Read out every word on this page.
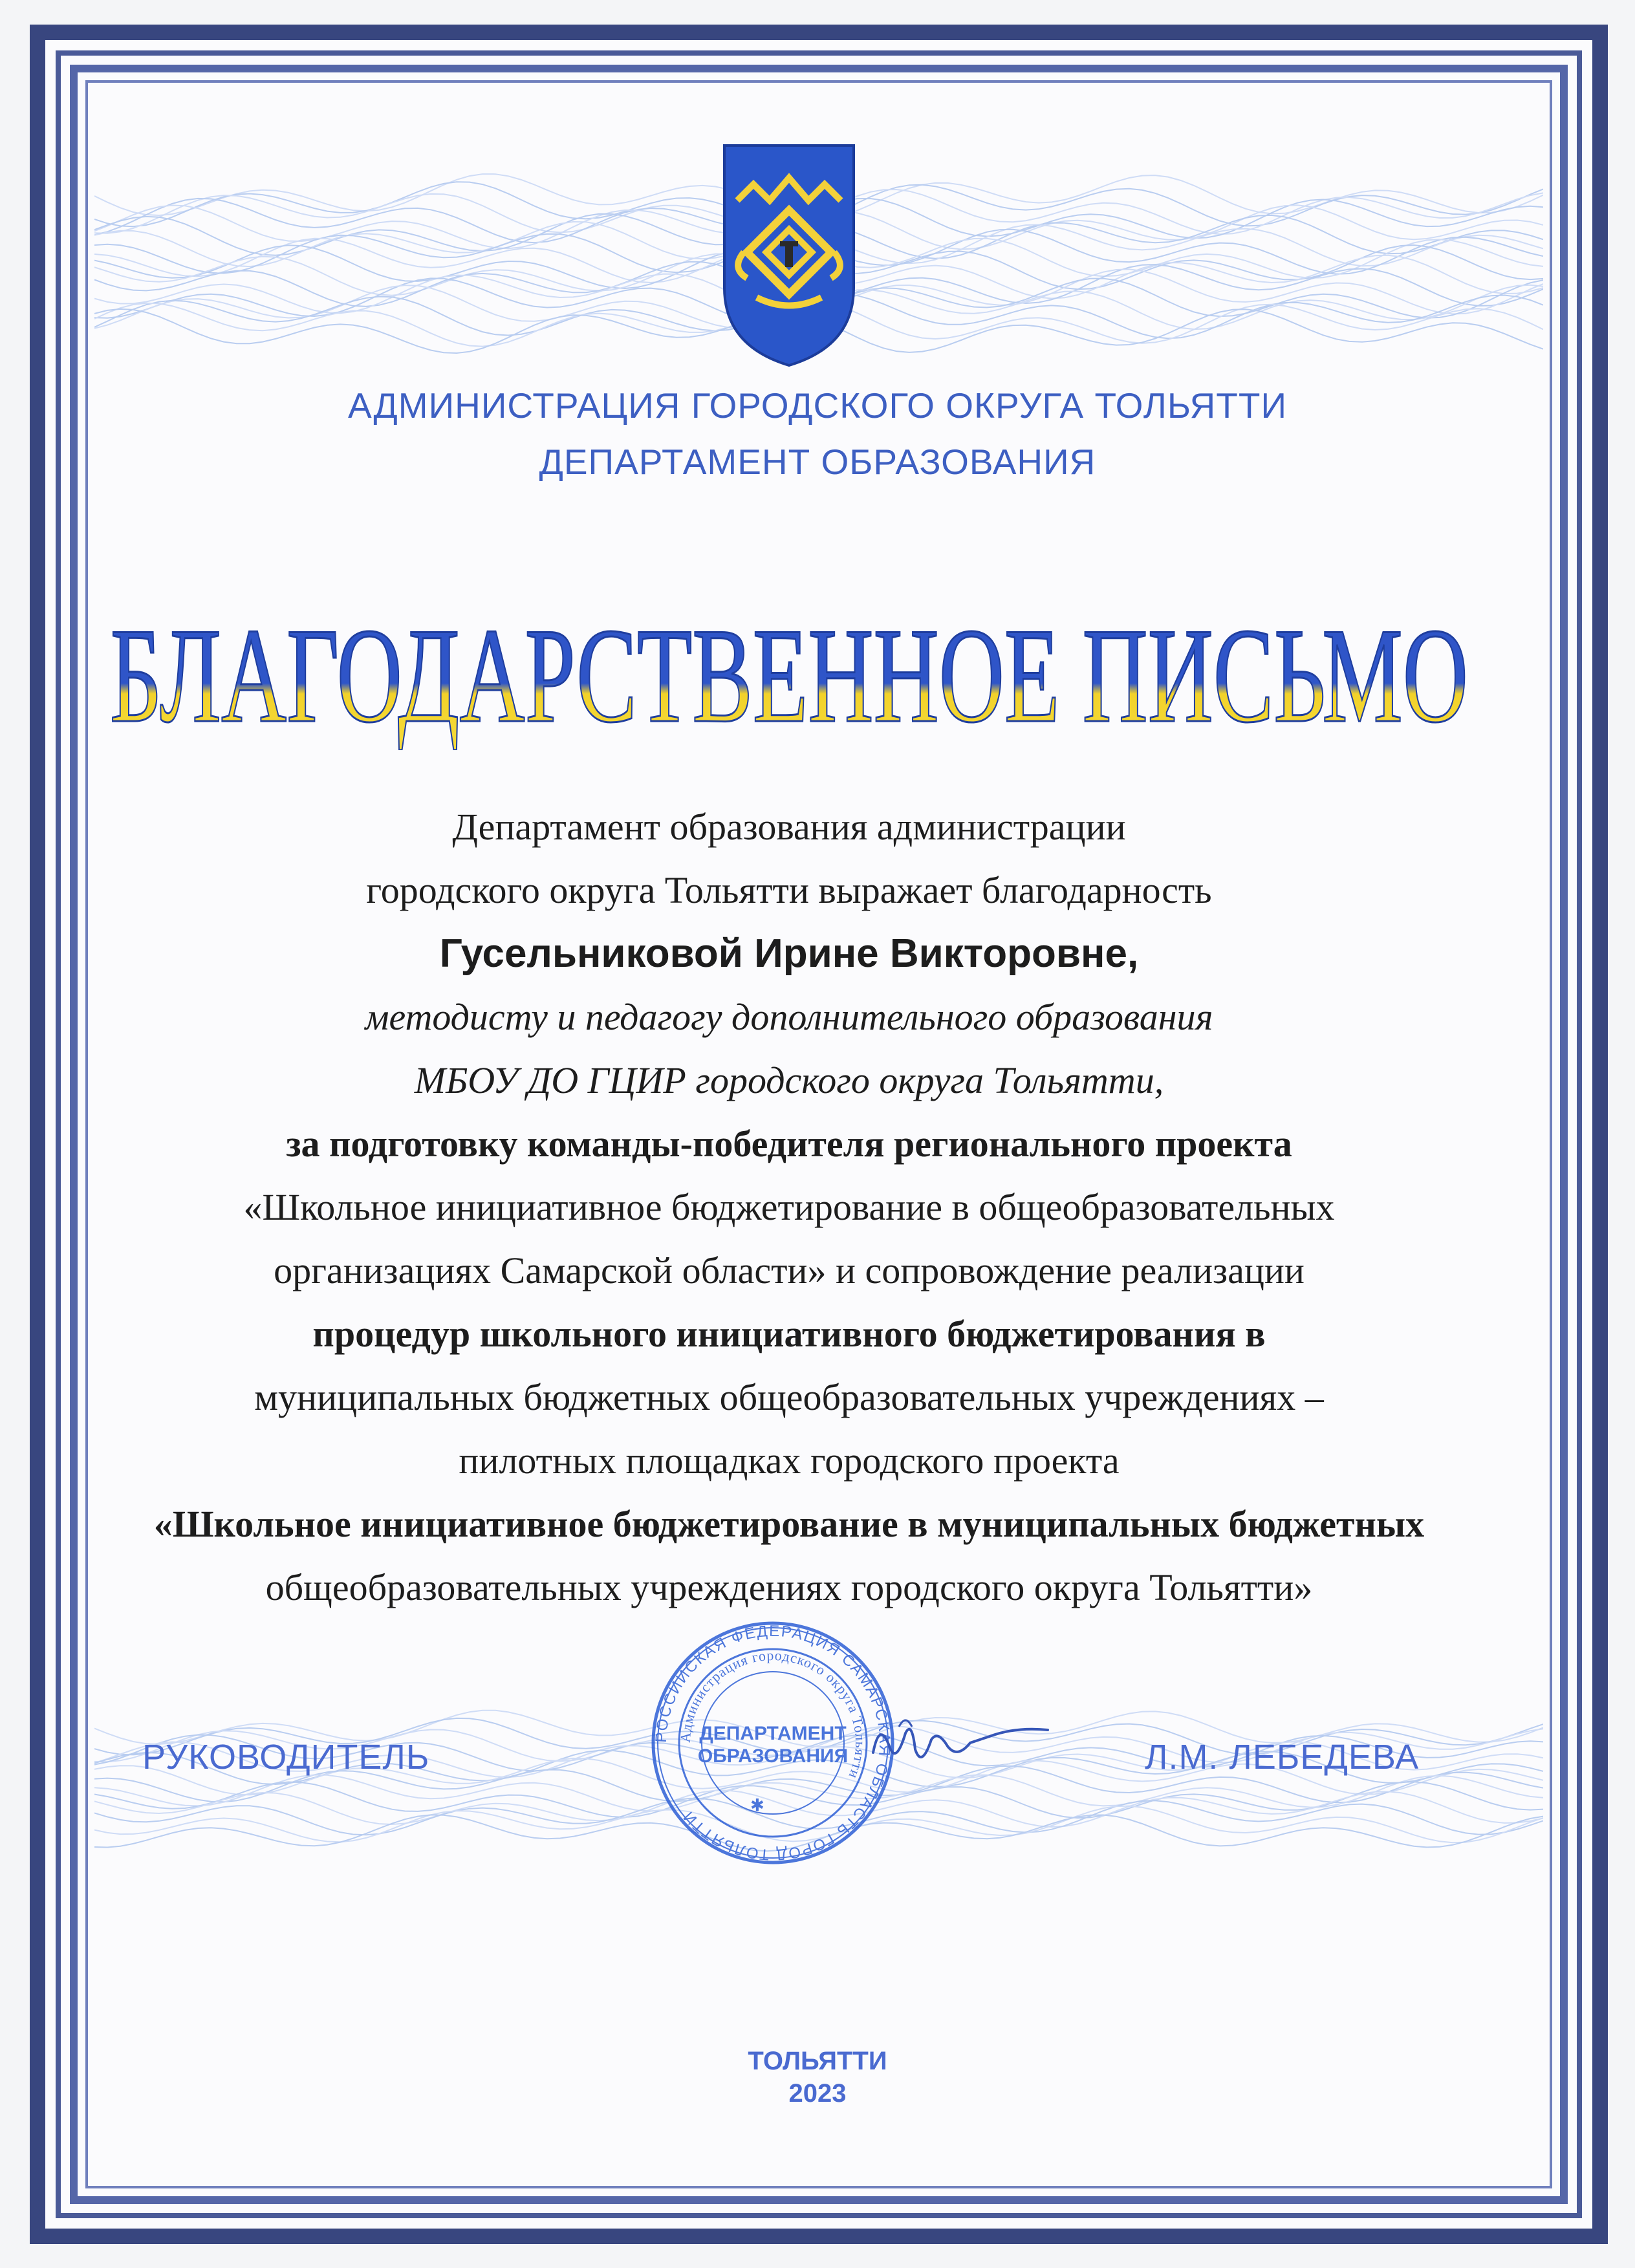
АДМИНИСТРАЦИЯ ГОРОДСКОГО ОКРУГА ТОЛЬЯТТИ
ДЕПАРТАМЕНТ ОБРАЗОВАНИЯ
БЛАГОДАРСТВЕННОЕ ПИСЬМО
Департамент образования администрации
городского округа Тольятти выражает благодарность
Гусельниковой Ирине Викторовне,
методисту и педагогу дополнительного образования
МБОУ ДО ГЦИР городского округа Тольятти,
за подготовку команды-победителя регионального проекта
«Школьное инициативное бюджетирование в общеобразовательных
организациях Самарской области» и сопровождение реализации
процедур школьного инициативного бюджетирования в
муниципальных бюджетных общеобразовательных учреждениях –
пилотных площадках городского проекта
«Школьное инициативное бюджетирование в муниципальных бюджетных
общеобразовательных учреждениях городского округа Тольятти»
РУКОВОДИТЕЛЬ	Л.М. ЛЕБЕДЕВА
РОССИЙСКАЯ ФЕДЕРАЦИЯ САМАРСКАЯ ОБЛАСТЬ ГОРОД ТОЛЬЯТТИ
Администрация городского округа Тольятти
ДЕПАРТАМЕНТ
ОБРАЗОВАНИЯ
✱
ТОЛЬЯТТИ
2023
